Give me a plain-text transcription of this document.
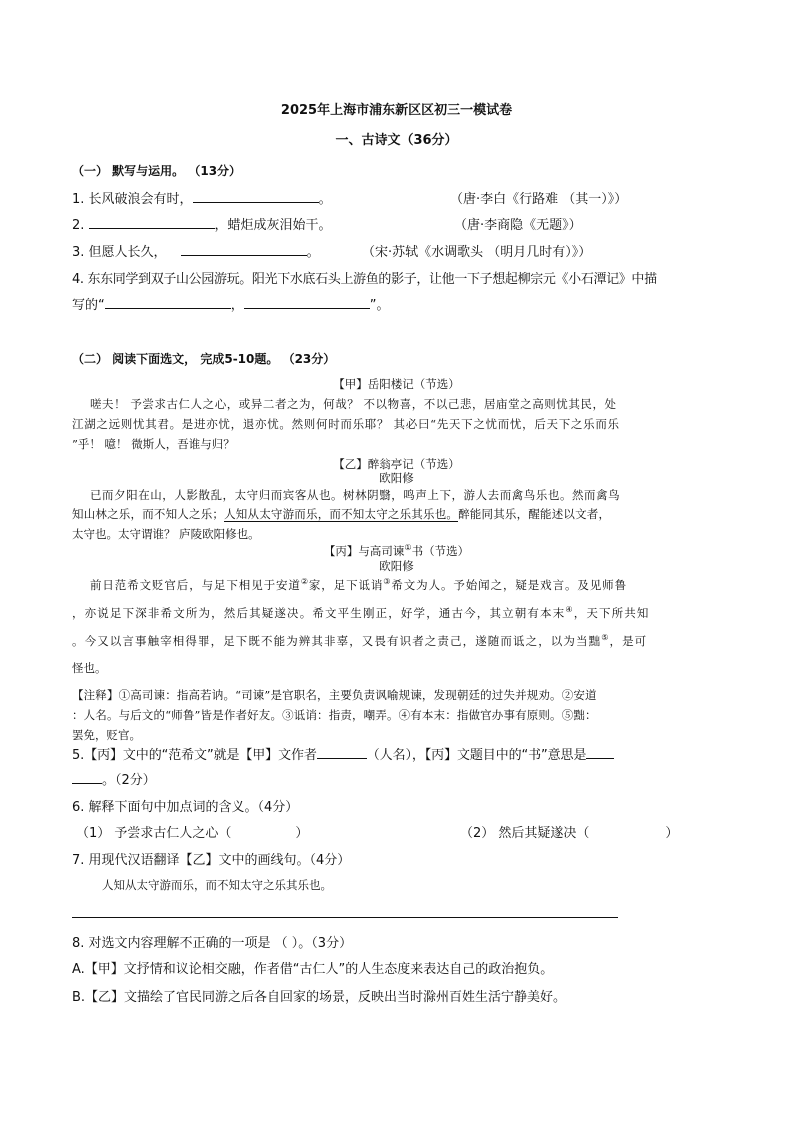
2025年上海市浦东新区区初三一模试卷
一、古诗文（36分）
（一） 默写与运用。 （13分）
1. 长风破浪会有时，	。	（唐·李白《行路难 （其一）》）
2.	，蜡炬成灰泪始干。	（唐·李商隐《无题》）
3. 但愿人长久，	。	（宋·苏轼《水调歌头 （明月几时有）》）
4. 东东同学到双子山公园游玩。阳光下水底石头上游鱼的影子，让他一下子想起柳宗元《小石潭记》中描
写的“	，	”。
（二） 阅读下面选文， 完成5-10题。 （23分）
【甲】岳阳楼记（节选）
嗟夫！ 予尝求古仁人之心，或异二者之为，何哉？ 不以物喜，不以己悲，居庙堂之高则忧其民，处
江湖之远则忧其君。是进亦忧，退亦忧。然则何时而乐耶？ 其必曰“先天下之忧而忧，后天下之乐而乐
”乎！ 噫！ 微斯人，吾谁与归？
【乙】醉翁亭记（节选）
欧阳修
已而夕阳在山，人影散乱，太守归而宾客从也。树林阴翳，鸣声上下，游人去而禽鸟乐也。然而禽鸟
知山林之乐，而不知人之乐；人知从太守游而乐，而不知太守之乐其乐也。醉能同其乐，醒能述以文者，
太守也。太守谓谁？ 庐陵欧阳修也。
【丙】与高司谏①书（节选）
欧阳修
前日范希文贬官后，与足下相见于安道②家，足下诋诮③希文为人。予始闻之，疑是戏言。及见师鲁
，亦说足下深非希文所为，然后其疑遂决。希文平生刚正，好学，通古今，其立朝有本末④，天下所共知
。今又以言事触宰相得罪，足下既不能为辨其非辜，又畏有识者之责己，遂随而诋之，以为当黜⑤，是可
怪也。
【注释】①高司谏：指高若讷。“司谏”是官职名，主要负责讽喻规谏，发现朝廷的过失并规劝。②安道
：人名。与后文的“师鲁”皆是作者好友。③诋诮：指责，嘲弄。④有本末：指做官办事有原则。⑤黜：
罢免，贬官。
5.【丙】文中的“范希文”就是【甲】文作者	（人名），【丙】文题目中的“书”意思是
。（2分）
6. 解释下面句中加点词的含义。（4分）
（1） 予尝求古仁人之心（	）	（2） 然后其疑遂决（	）
7. 用现代汉语翻译【乙】文中的画线句。（4分）
人知从太守游而乐，而不知太守之乐其乐也。
8. 对选文内容理解不正确的一项是 （ ）。（3分）
A.【甲】文抒情和议论相交融，作者借“古仁人”的人生态度来表达自己的政治抱负。
B.【乙】文描绘了官民同游之后各自回家的场景，反映出当时滁州百姓生活宁静美好。
